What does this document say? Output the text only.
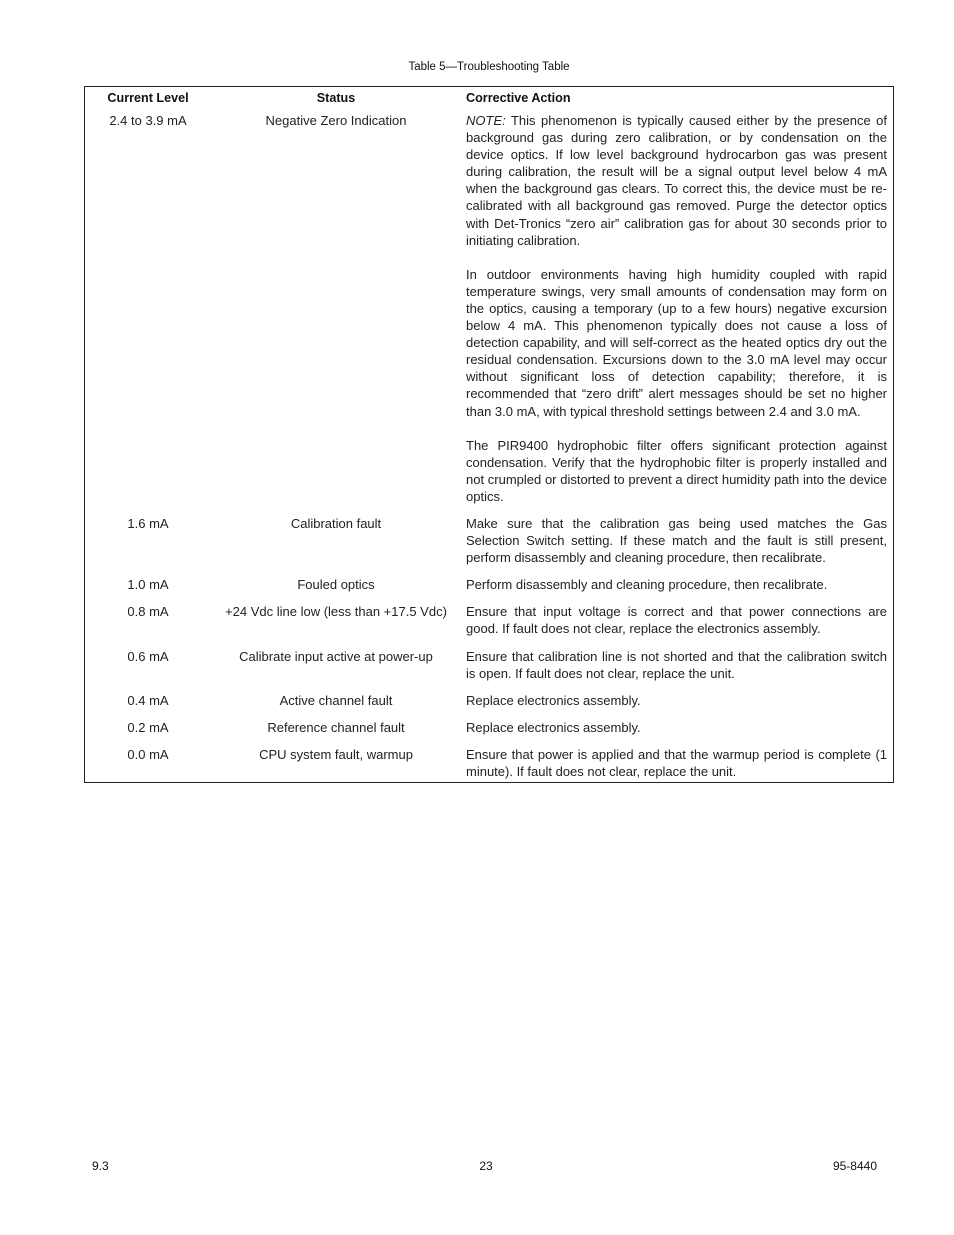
Table 5—Troubleshooting Table
Current Level	Status	Corrective Action
2.4 to 3.9 mA	Negative Zero Indication	NOTE: This phenomenon is typically caused either by the presence of background gas during zero calibration, or by condensation on the device optics. If low level background hydrocarbon gas was present during calibration, the result will be a signal output level below 4 mA when the background gas clears. To correct this, the device must be re-calibrated with all background gas removed. Purge the detector optics with Det-Tronics “zero air” calibration gas for about 30 seconds prior to initiating calibration.

In outdoor environments having high humidity coupled with rapid temperature swings, very small amounts of condensation may form on the optics, causing a temporary (up to a few hours) negative excursion below 4 mA. This phenomenon typically does not cause a loss of detection capability, and will self-correct as the heated optics dry out the residual condensation. Excursions down to the 3.0 mA level may occur without significant loss of detection capability; therefore, it is recommended that “zero drift” alert messages should be set no higher than 3.0 mA, with typical threshold settings between 2.4 and 3.0 mA.

The PIR9400 hydrophobic filter offers significant protection against condensation. Verify that the hydrophobic filter is properly installed and not crumpled or distorted to prevent a direct humidity path into the device optics.

1.6 mA	Calibration fault	Make sure that the calibration gas being used matches the Gas Selection Switch setting. If these match and the fault is still present, perform disassembly and cleaning procedure, then recalibrate.
1.0 mA	Fouled optics	Perform disassembly and cleaning procedure, then recalibrate.
0.8 mA	+24 Vdc line low (less than +17.5 Vdc)	Ensure that input voltage is correct and that power connections are good. If fault does not clear, replace the electronics assembly.
0.6 mA	Calibrate input active at power-up	Ensure that calibration line is not shorted and that the calibration switch is open. If fault does not clear, replace the unit.
0.4 mA	Active channel fault	Replace electronics assembly.
0.2 mA	Reference channel fault	Replace electronics assembly.
0.0 mA	CPU system fault, warmup	Ensure that power is applied and that the warmup period is complete (1 minute). If fault does not clear, replace the unit.
9.3	23	95-8440
